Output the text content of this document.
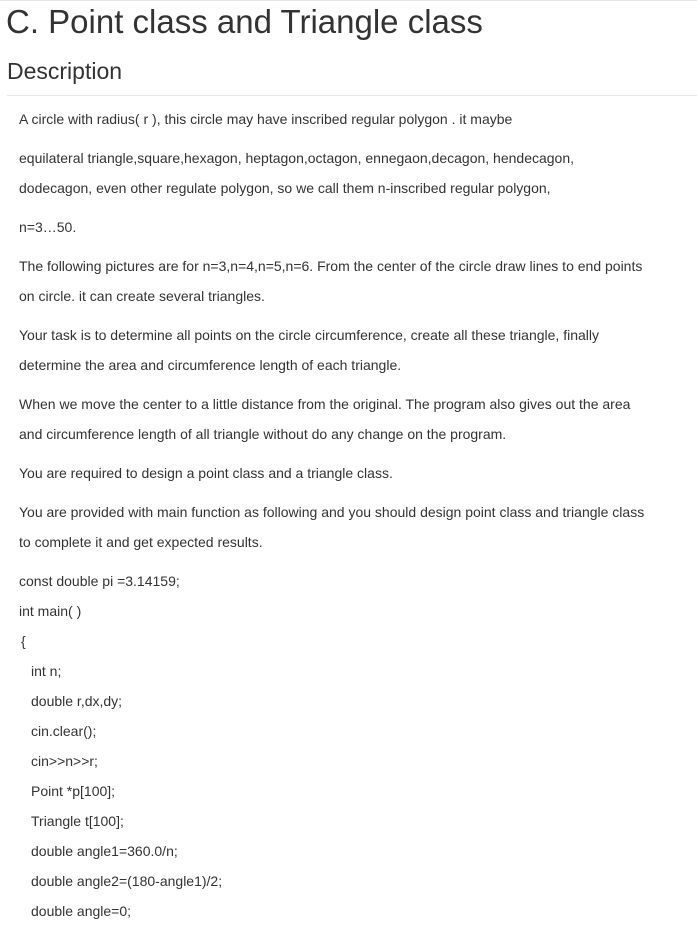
C. Point class and Triangle class
Description

A circle with radius( r ), this circle may have inscribed regular polygon . it maybe

equilateral triangle,square,hexagon, heptagon,octagon, ennegaon,decagon, hendecagon,
dodecagon, even other regulate polygon, so we call them n-inscribed regular polygon,

n=3…50.

The following pictures are for n=3,n=4,n=5,n=6. From the center of the circle draw lines to end points
on circle. it can create several triangles.

Your task is to determine all points on the circle circumference, create all these triangle, finally
determine the area and circumference length of each triangle.

When we move the center to a little distance from the original. The program also gives out the area
and circumference length of all triangle without do any change on the program.

You are required to design a point class and a triangle class.

You are provided with main function as following and you should design point class and triangle class
to complete it and get expected results.

const double pi =3.14159;
int main( )
{
int n;
double r,dx,dy;
cin.clear();
cin>>n>>r;
Point *p[100];
Triangle t[100];
double angle1=360.0/n;
double angle2=(180-angle1)/2;
double angle=0;
